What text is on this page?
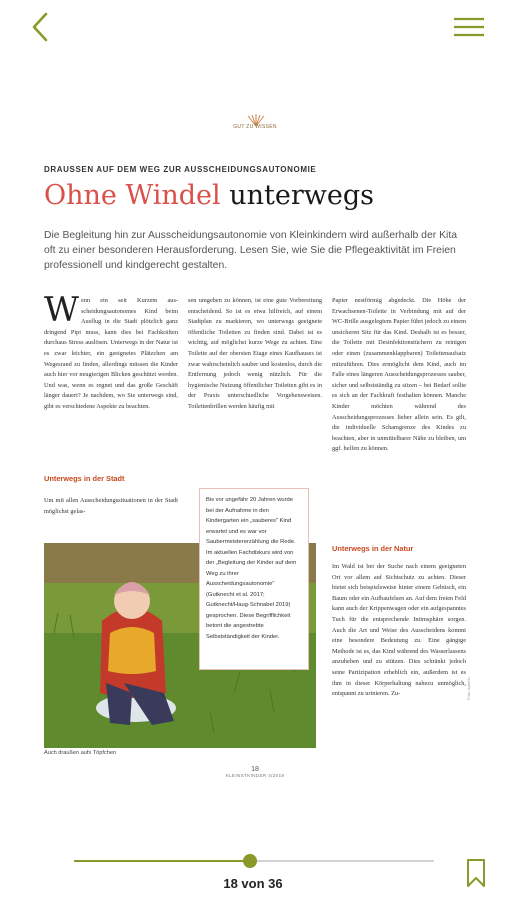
GUT ZU WISSEN
DRAUSSEN AUF DEM WEG ZUR AUSSCHEIDUNGSAUTONOMIE
Ohne Windel unterwegs
Die Begleitung hin zur Ausscheidungsautonomie von Kleinkindern wird außerhalb der Kita oft zu einer besonderen Herausforderung. Lesen Sie, wie Sie die Pflegeaktivität im Freien professionell und kindgerecht gestalten.
Wenn ein seit Kurzem ausscheidungsautonomes Kind beim Ausflug in die Stadt plötzlich ganz dringend Pipi muss, kann dies bei Fachkräften durchaus Stress auslösen. Unterwegs in der Natur ist es zwar leichter, ein geeignetes Plätzchen am Wegesrand zu finden, allerdings müssen die Kinder auch hier vor neugierigen Blicken geschützt werden. Und was, wenn es regnet und das große Geschäft länger dauert? Je nachdem, wo Sie unterwegs sind, gibt es verschiedene Aspekte zu beachten.
sen umgeben zu können, ist eine gute Vorbereitung entscheidend. So ist es etwa hilfreich, auf einem Stadtplan zu markieren, wo unterwegs geeignete öffentliche Toiletten zu finden sind. Dabei ist es wichtig, auf möglichst kurze Wege zu achten. Eine Toilette auf der obersten Etage eines Kaufhauses ist zwar wahrscheinlich sauber und kostenlos, durch die Entfernung jedoch wenig nützlich. Für die hygienische Nutzung öffentlicher Toiletten gibt es in der Praxis unterschiedliche Vorgehensweisen. Toilettenbrillen werden häufig mit
Papier nestförmig abgedeckt. Die Höhe der Erwachsenen-Toilette in Verbindung mit auf der WC-Brille ausgelegtem Papier führt jedoch zu einem unsicheren Sitz für das Kind. Deshalb ist es besser, die Toilette mit Desinfektionstüchern zu reinigen oder einen (zusammenklappbaren) Toilettenaufsatz mitzuführen. Dies ermöglicht dem Kind, auch im Falle eines längeren Ausscheidungsprozesses sauber, sicher und selbstständig zu sitzen – bei Bedarf sollte es sich an der Fachkraft festhalten können. Manche Kinder möchten während des Ausscheidungsprozesses lieber allein sein. Es gilt, die individuelle Schamgrenze des Kindes zu beachten, aber in unmittelbarer Nähe zu bleiben, um ggf. helfen zu können.
Unterwegs in der Stadt
Um mit allen Ausscheidungssituationen in der Stadt möglichst gelas-
Unterwegs in der Natur
Im Wald ist bei der Suche nach einem geeigneten Ort vor allem auf Sichtschutz zu achten. Dieser bietet sich beispielsweise hinter einem Gebüsch, ein Baum oder ein Aufbaufelsen an. Auf dem freien Feld kann auch der Krippenwagen oder ein aufgespanntes Tuch für die entsprechende Intimsphäre sorgen. Auch die Art und Weise des Ausscheidens kommt eine besondere Bedeutung zu. Eine gängige Methode ist es, das Kind während des Wasserlassens anzuheben und zu stützen. Dies schränkt jedoch seine Partizipation erheblich ein, außerdem ist es ihm in dieser Körperhaltung nahezu unmöglich, entspannt zu urinieren. Zu-
Auch draußen aufs Töpfchen

Bis vor ungefähr 20 Jahren wurde bei der Aufnahme in den Kindergarten ein „sauberes" Kind erwartet und es war vor Saubermeistererzählung die Rede. Im aktuellen Fachdiskurs wird von der „Begleitung der Kinder auf dem Weg zu ihrer Ausscheidungsautonomie" (Gutknecht et al. 2017; Gutknecht/Haug-Schnabel 2019) gesprochen. Diese Begrifflichkeit betont die angestrebte Selbstständigkeit der Kinder.

18
KLEINSTKINDER 4/2019
Foto: Autorin
18 von 36
